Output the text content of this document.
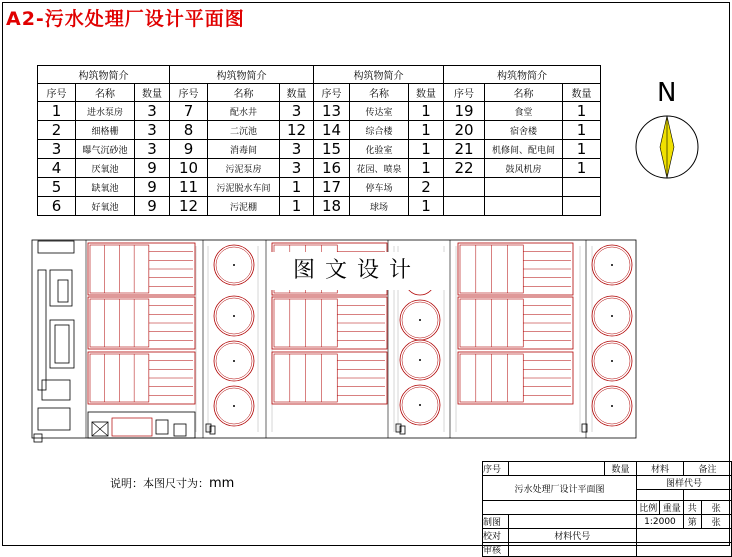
A2-污水处理厂设计平面图
构筑物简介			构筑物简介			构筑物简介			构筑物简介		
序号	名称	数量	序号	名称	数量	序号	名称	数量	序号	名称	数量
1	进水泵房	3	7	配水井	3	13	传达室	1	19	食堂	1
2	细格栅	3	8	二沉池	12	14	综合楼	1	20	宿舍楼	1
3	曝气沉砂池	3	9	消毒间	3	15	化验室	1	21	机修间、配电间	1
4	厌氧池	9	10	污泥泵房	3	16	花园、喷泉	1	22	鼓风机房	1
5	缺氧池	9	11	污泥脱水车间	1	17	停车场	2			
6	好氧池	9	12	污泥棚	1	18	球场	1			
N
图文设计
说明：本图尺寸为：mm
序号		数量	材料		备注	
污水处理厂设计平面图			图样代号			

			比例	重量	共	张
制图			1:2000		第	张
校对	材料代号					
审核						
